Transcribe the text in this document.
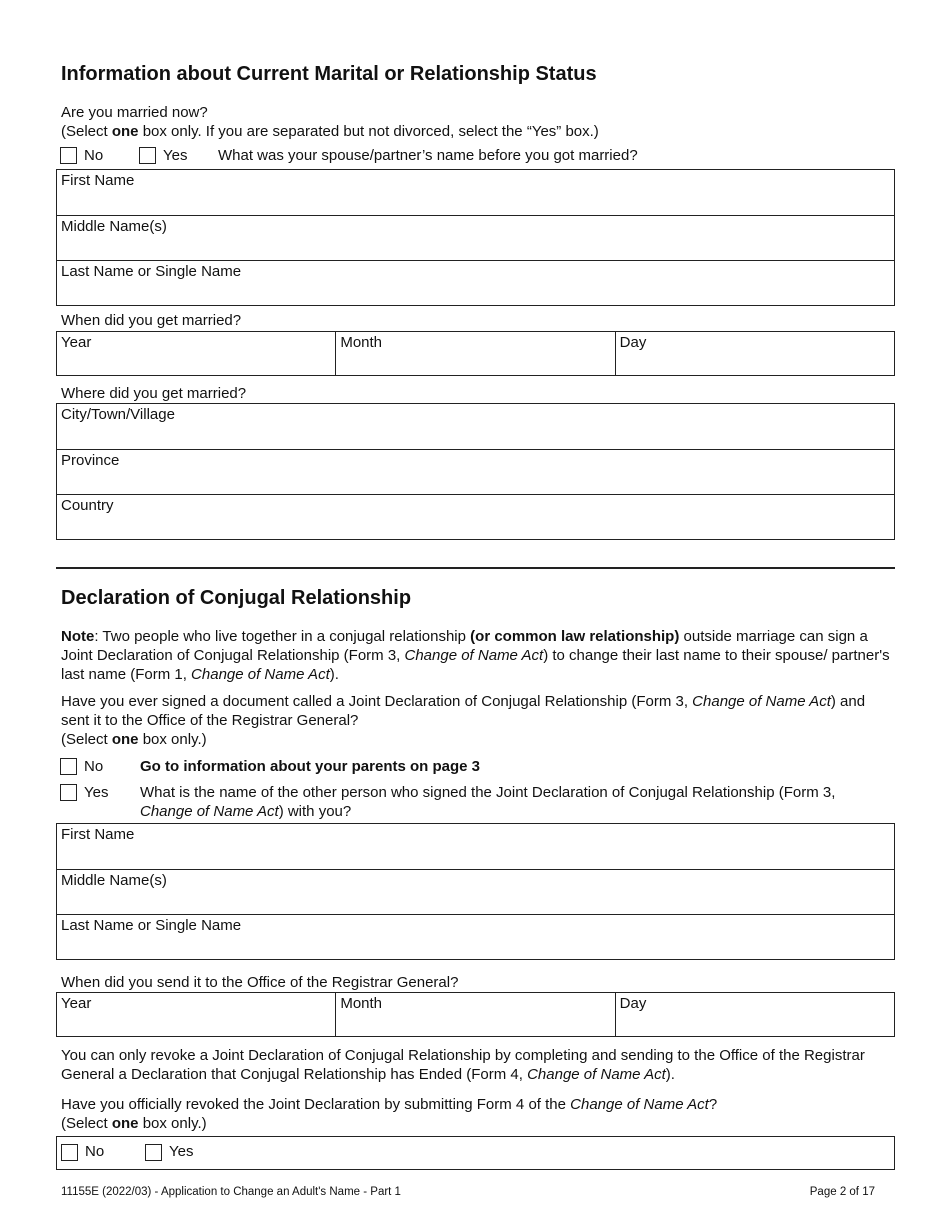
Information about Current Marital or Relationship Status
Are you married now?
(Select one box only. If you are separated but not divorced, select the “Yes” box.)
No	Yes What was your spouse/partner’s name before you got married?
First Name
Middle Name(s)
Last Name or Single Name
When did you get married?
Year	Month	Day
Where did you get married?
City/Town/Village
Province
Country
Declaration of Conjugal Relationship
Note: Two people who live together in a conjugal relationship (or common law relationship) outside marriage can sign a Joint Declaration of Conjugal Relationship (Form 3, Change of Name Act) to change their last name to their spouse/ partner's last name (Form 1, Change of Name Act).
Have you ever signed a document called a Joint Declaration of Conjugal Relationship (Form 3, Change of Name Act) and sent it to the Office of the Registrar General?
(Select one box only.)
No Go to information about your parents on page 3
Yes What is the name of the other person who signed the Joint Declaration of Conjugal Relationship (Form 3, Change of Name Act) with you?
First Name
Middle Name(s)
Last Name or Single Name
When did you send it to the Office of the Registrar General?
Year	Month	Day
You can only revoke a Joint Declaration of Conjugal Relationship by completing and sending to the Office of the Registrar General a Declaration that Conjugal Relationship has Ended (Form 4, Change of Name Act).
Have you officially revoked the Joint Declaration by submitting Form 4 of the Change of Name Act?
(Select one box only.)
No	Yes
11155E (2022/03) - Application to Change an Adult's Name - Part 1	Page 2 of 17
